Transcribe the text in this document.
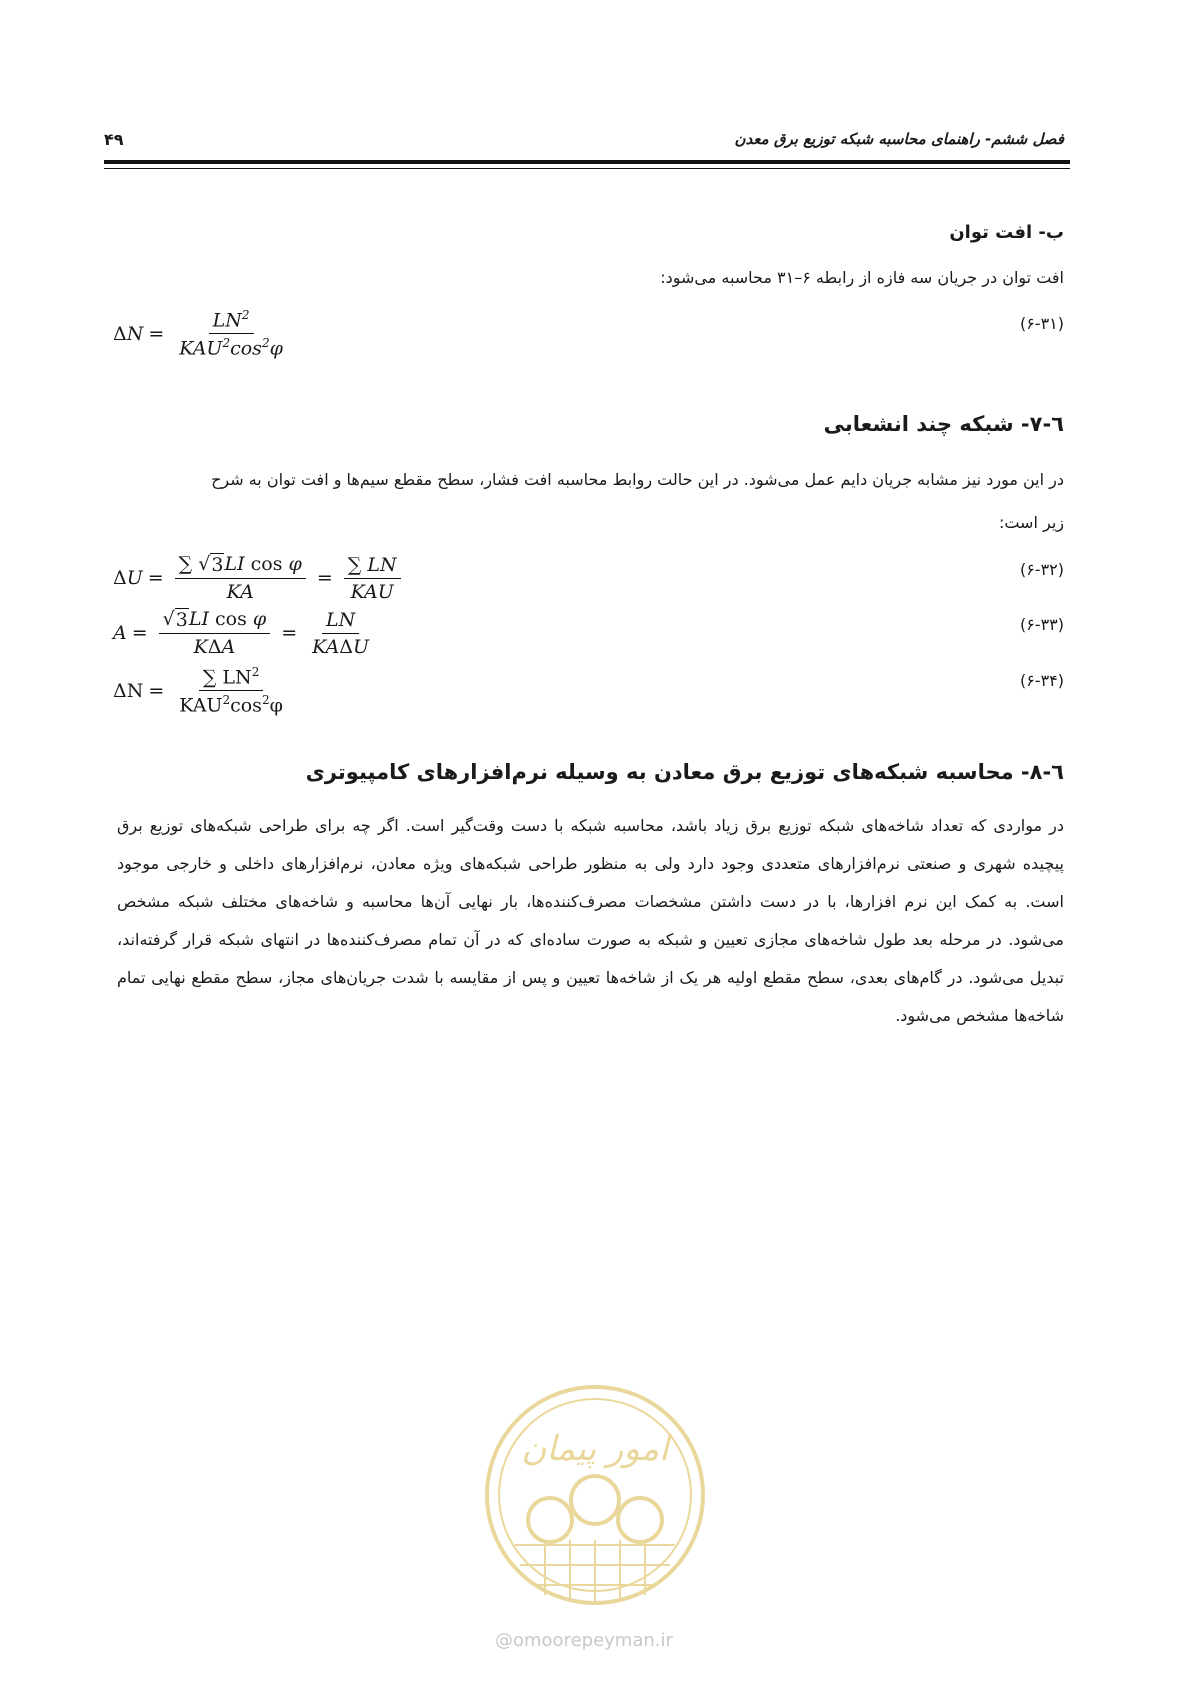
۴۹	فصل ششم- راهنمای محاسبه شبکه توزیع برق معدن
ب- افت توان
افت توان در جریان سه فازه از رابطه ۶–۳۱ محاسبه می‌شود:
(۶-۳۱)
Δ $N = \frac{LN^2}{KAU^2\cos^2\varphi}$
٦-۷- شبکه چند انشعابی
در این مورد نیز مشابه جریان دایم عمل می‌شود. در این حالت روابط محاسبه افت فشار، سطح مقطع سیم‌ها و افت توان به شرح
زیر است:
(۶-۳۲)
(۶-۳۳)
(۶-۳۴)
Δ $U = \frac{\text{∑ √ 3 LI cos φ}}{KA} = \frac{\sum LN}{\text{KAU}}$
$A = \frac{\text{√ 3 LI cos φ}}{\text{KΔA}} = \frac{LN}{\text{KAΔU}}$
$\Delta N = \frac{\sum LN^2}{KAU^2\cos^2\varphi}$
٦-۸- محاسبه شبکه‌های توزیع برق معادن به وسیله نرم‌افزارهای کامپیوتری
در مواردی که تعداد شاخه‌های شبکه توزیع برق زیاد باشد، محاسبه شبکه با دست وقت‌گیر است. اگر چه برای طراحی شبکه‌های توزیع برق پیچیده شهری و صنعتی نرم‌افزارهای متعددی وجود دارد ولی به منظور طراحی شبکه‌های ویژه معادن، نرم‌افزارهای داخلی و خارجی موجود است. به کمک این نرم افزارها، با در دست داشتن مشخصات مصرف‌کننده‌ها، بار نهایی آن‌ها محاسبه و شاخه‌های مختلف شبکه مشخص می‌شود. در مرحله بعد طول شاخه‌های مجازی تعیین و شبکه به صورت ساده‌ای که در آن تمام مصرف‌کننده‌ها در انتهای شبکه قرار گرفته‌اند، تبدیل می‌شود. در گام‌های بعدی، سطح مقطع اولیه هر یک از شاخه‌ها تعیین و پس از مقایسه با شدت جریان‌های مجاز، سطح مقطع نهایی تمام شاخه‌ها مشخص می‌شود.
امور پیمان
@omoorepeyman.ir
